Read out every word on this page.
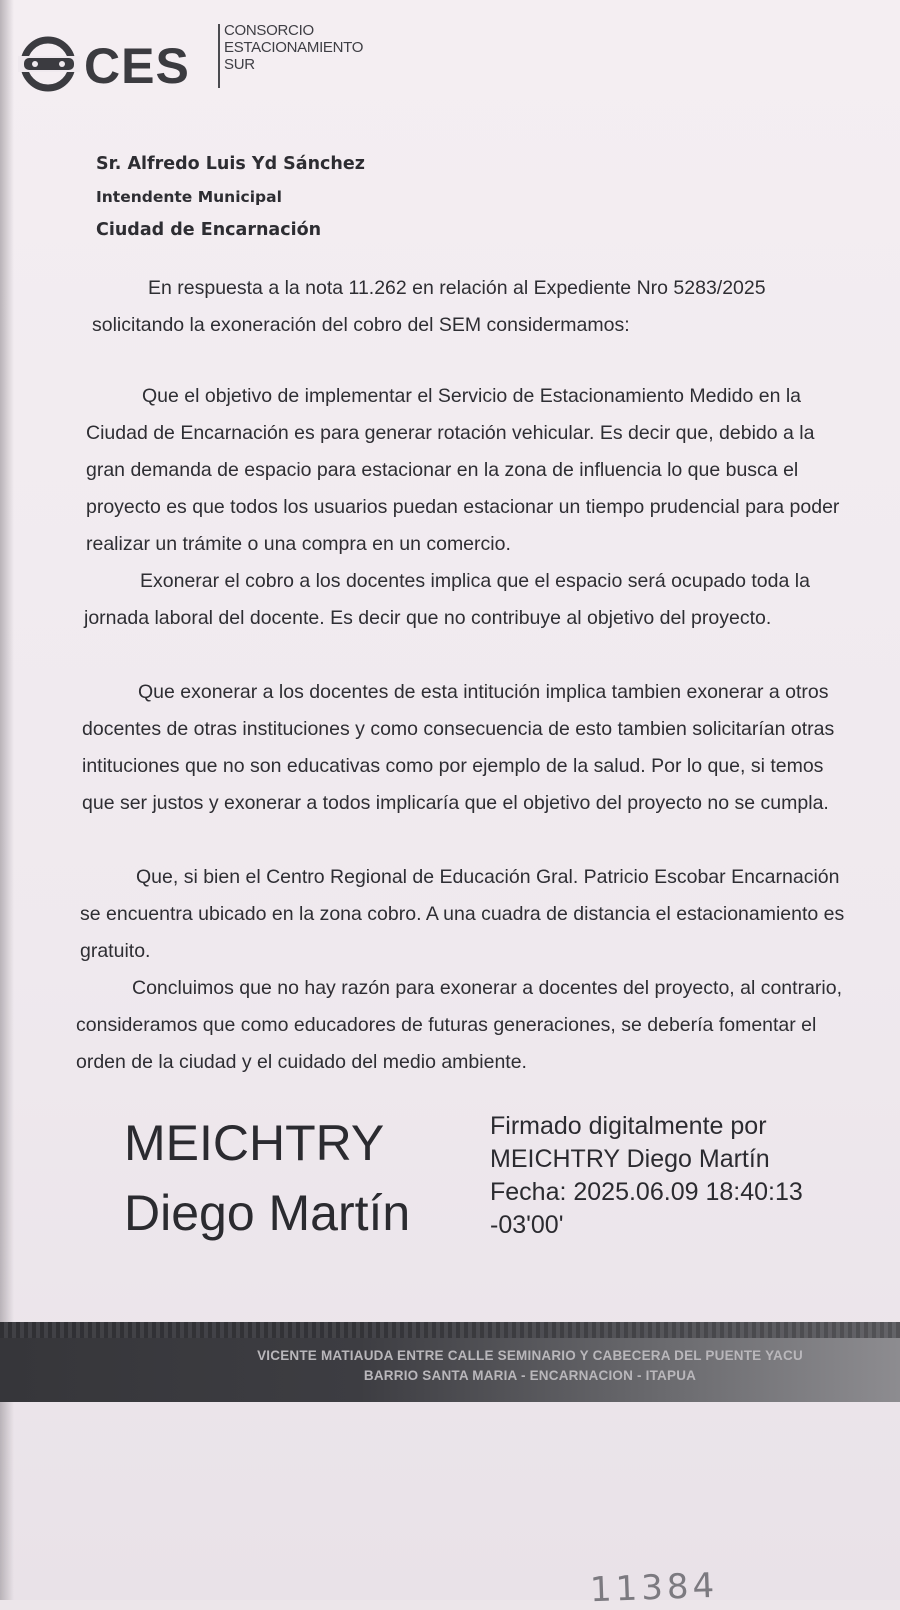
CES
CONSORCIO
ESTACIONAMIENTO
SUR
Sr. Alfredo Luis Yd Sánchez
Intendente Municipal
Ciudad de Encarnación

En respuesta a la nota 11.262 en relación al Expediente Nro 5283/2025 solicitando la exoneración del cobro del SEM considermamos:

Que el objetivo de implementar el Servicio de Estacionamiento Medido en la Ciudad de Encarnación es para generar rotación vehicular. Es decir que, debido a la gran demanda de espacio para estacionar en la zona de influencia lo que busca el proyecto es que todos los usuarios puedan estacionar un tiempo prudencial para poder realizar un trámite o una compra en un comercio.

Exonerar el cobro a los docentes implica que el espacio será ocupado toda la jornada laboral del docente. Es decir que no contribuye al objetivo del proyecto.

Que exonerar a los docentes de esta intitución implica tambien exonerar a otros docentes de otras instituciones y como consecuencia de esto tambien solicitarían otras intituciones que no son educativas como por ejemplo de la salud. Por lo que, si temos que ser justos y exonerar a todos implicaría que el objetivo del proyecto no se cumpla.

Que, si bien el Centro Regional de Educación Gral. Patricio Escobar Encarnación se encuentra ubicado en la zona cobro. A una cuadra de distancia el estacionamiento es gratuito.

Concluimos que no hay razón para exonerar a docentes del proyecto, al contrario, consideramos que como educadores de futuras generaciones, se debería fomentar el orden de la ciudad y el cuidado del medio ambiente.

MEICHTRY
Diego Martín
Firmado digitalmente por
MEICHTRY Diego Martín
Fecha: 2025.06.09 18:40:13
-03'00'
VICENTE MATIAUDA ENTRE CALLE SEMINARIO Y CABECERA DEL PUENTE YACU
BARRIO SANTA MARIA - ENCARNACION - ITAPUA
11384
